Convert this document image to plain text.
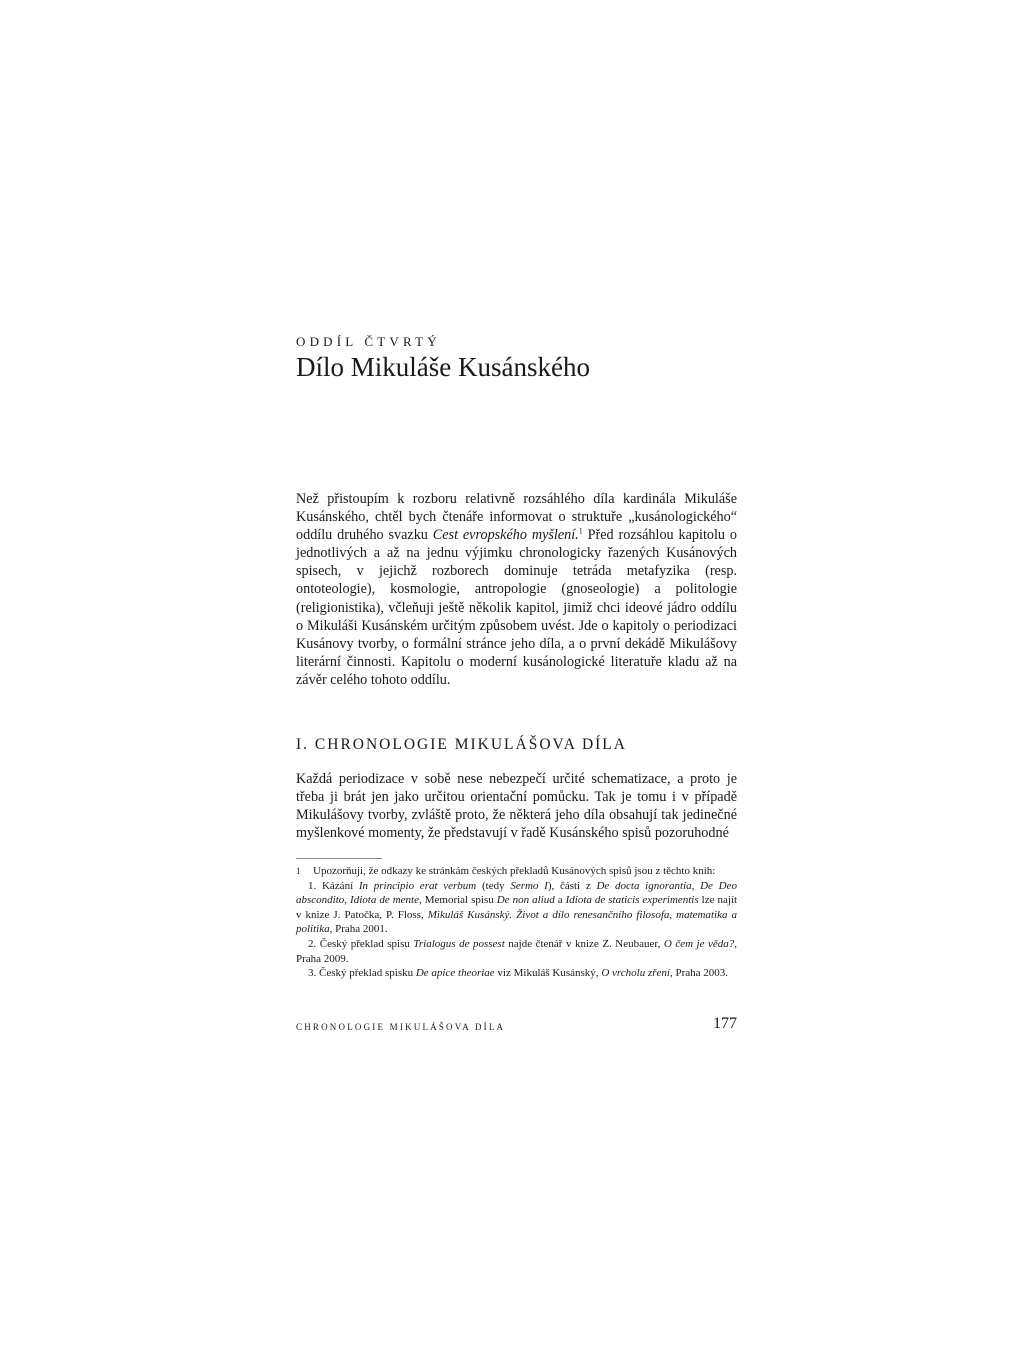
ODDÍL ČTVRTÝ
Dílo Mikuláše Kusánského

Než přistoupím k rozboru relativně rozsáhlého díla kardinála Mikuláše Kusánského, chtěl bych čtenáře informovat o struktuře „kusánologického“ oddílu druhého svazku Cest evropského myšlení.$^1$ Před rozsáhlou kapitolu o jednotlivých a až na jednu výjimku chronologicky řazených Kusánových spisech, v jejichž rozborech dominuje tetráda metafyzika (resp. ontoteologie), kosmologie, antropologie (gnoseologie) a politologie (religionistika), včleňuji ještě několik kapitol, jimiž chci ideové jádro oddílu o Mikuláši Kusánském určitým způsobem uvést. Jde o kapitoly o periodizaci Kusánovy tvorby, o formální stránce jeho díla, a o první dekádě Mikulášovy literární činnosti. Kapitolu o moderní kusánologické literatuře kladu až na závěr celého tohoto oddílu.

I. CHRONOLOGIE MIKULÁŠOVA DÍLA

Každá periodizace v sobě nese nebezpečí určité schematizace, a proto je třeba ji brát jen jako určitou orientační pomůcku. Tak je tomu i v případě Mikulášovy tvorby, zvláště proto, že některá jeho díla obsahují tak jedinečné myšlenkové momenty, že představují v řadě Kusánského spisů pozoruhodné

1 Upozorňuji, že odkazy ke stránkám českých překladů Kusánových spisů jsou z těchto knih:

1. Kázání In principio erat verbum (tedy Sermo I), části z De docta ignorantia, De Deo abscondito, Idiota de mente, Memorial spisu De non aliud a Idiota de staticis experimentis lze najít v knize J. Patočka, P. Floss, Mikuláš Kusánský. Život a dílo renesančního filosofa, matematika a politika, Praha 2001.

2. Český překlad spisu Trialogus de possest najde čtenář v knize Z. Neubauer, O čem je věda?, Praha 2009.

3. Český překlad spisku De apice theoriae viz Mikuláš Kusánský, O vrcholu zření, Praha 2003.

CHRONOLOGIE MIKULÁŠOVA DÍLA	177
